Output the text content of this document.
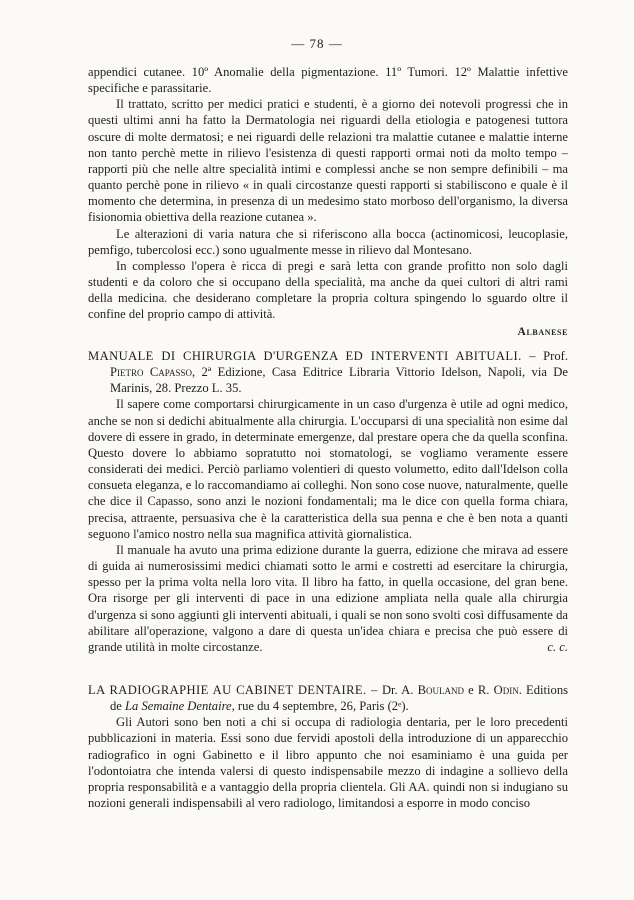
— 78 —

appendici cutanee. 10º Anomalie della pigmentazione. 11º Tumori. 12º Malattie infettive specifiche e parassitarie.

Il trattato, scritto per medici pratici e studenti, è a giorno dei notevoli progressi che in questi ultimi anni ha fatto la Dermatologia nei riguardi della etiologia e patogenesi tuttora oscure di molte dermatosi; e nei riguardi delle relazioni tra malattie cutanee e malattie interne non tanto perchè mette in rilievo l'esistenza di questi rapporti ormai noti da molto tempo – rapporti più che nelle altre specialità intimi e complessi anche se non sempre definibili – ma quanto perchè pone in rilievo « in quali circostanze questi rapporti si stabiliscono e quale è il momento che determina, in presenza di un medesimo stato morboso dell'organismo, la diversa fisionomia obiettiva della reazione cutanea ».

Le alterazioni di varia natura che si riferiscono alla bocca (actinomicosi, leucoplasie, pemfigo, tubercolosi ecc.) sono ugualmente messe in rilievo dal Montesano.

In complesso l'opera è ricca di pregi e sarà letta con grande profitto non solo dagli studenti e da coloro che si occupano della specialità, ma anche da quei cultori di altri rami della medicina. che desiderano completare la propria coltura spingendo lo sguardo oltre il confine del proprio campo di attività.

Albanese

MANUALE DI CHIRURGIA D'URGENZA ED INTERVENTI ABITUALI. – Prof. Pietro Capasso, 2ª Edizione, Casa Editrice Libraria Vittorio Idelson, Napoli, via De Marinis, 28. Prezzo L. 35.

Il sapere come comportarsi chirurgicamente in un caso d'urgenza è utile ad ogni medico, anche se non si dedichi abitualmente alla chirurgia. L'occuparsi di una specialità non esime dal dovere di essere in grado, in determinate emergenze, dal prestare opera che da quella sconfina. Questo dovere lo abbiamo sopratutto noi stomatologi, se vogliamo veramente essere considerati dei medici. Perciò parliamo volentieri di questo volumetto, edito dall'Idelson colla consueta eleganza, e lo raccomandiamo ai colleghi. Non sono cose nuove, naturalmente, quelle che dice il Capasso, sono anzi le nozioni fondamentali; ma le dice con quella forma chiara, precisa, attraente, persuasiva che è la caratteristica della sua penna e che è ben nota a quanti seguono l'amico nostro nella sua magnifica attività giornalistica.

Il manuale ha avuto una prima edizione durante la guerra, edizione che mirava ad essere di guida ai numerosissimi medici chiamati sotto le armi e costretti ad esercitare la chirurgia, spesso per la prima volta nella loro vita. Il libro ha fatto, in quella occasione, del gran bene. Ora risorge per gli interventi di pace in una edizione ampliata nella quale alla chirurgia d'urgenza si sono aggiunti gli interventi abituali, i quali se non sono svolti così diffusamente da abilitare all'operazione, valgono a dare di questa un'idea chiara e precisa che può essere di grande utilità in molte circostanze.	c. c.

LA RADIOGRAPHIE AU CABINET DENTAIRE. – Dr. A. Bouland e R. Odin. Editions de La Semaine Dentaire, rue du 4 septembre, 26, Paris (2ᵉ).

Gli Autori sono ben noti a chi si occupa di radiologia dentaria, per le loro precedenti pubblicazioni in materia. Essi sono due fervidi apostoli della introduzione di un apparecchio radiografico in ogni Gabinetto e il libro appunto che noi esaminiamo è una guida per l'odontoiatra che intenda valersi di questo indispensabile mezzo di indagine a sollievo della propria responsabilità e a vantaggio della propria clientela. Gli AA. quindi non si indugiano su nozioni generali indispensabili al vero radiologo, limitandosi a esporre in modo conciso
